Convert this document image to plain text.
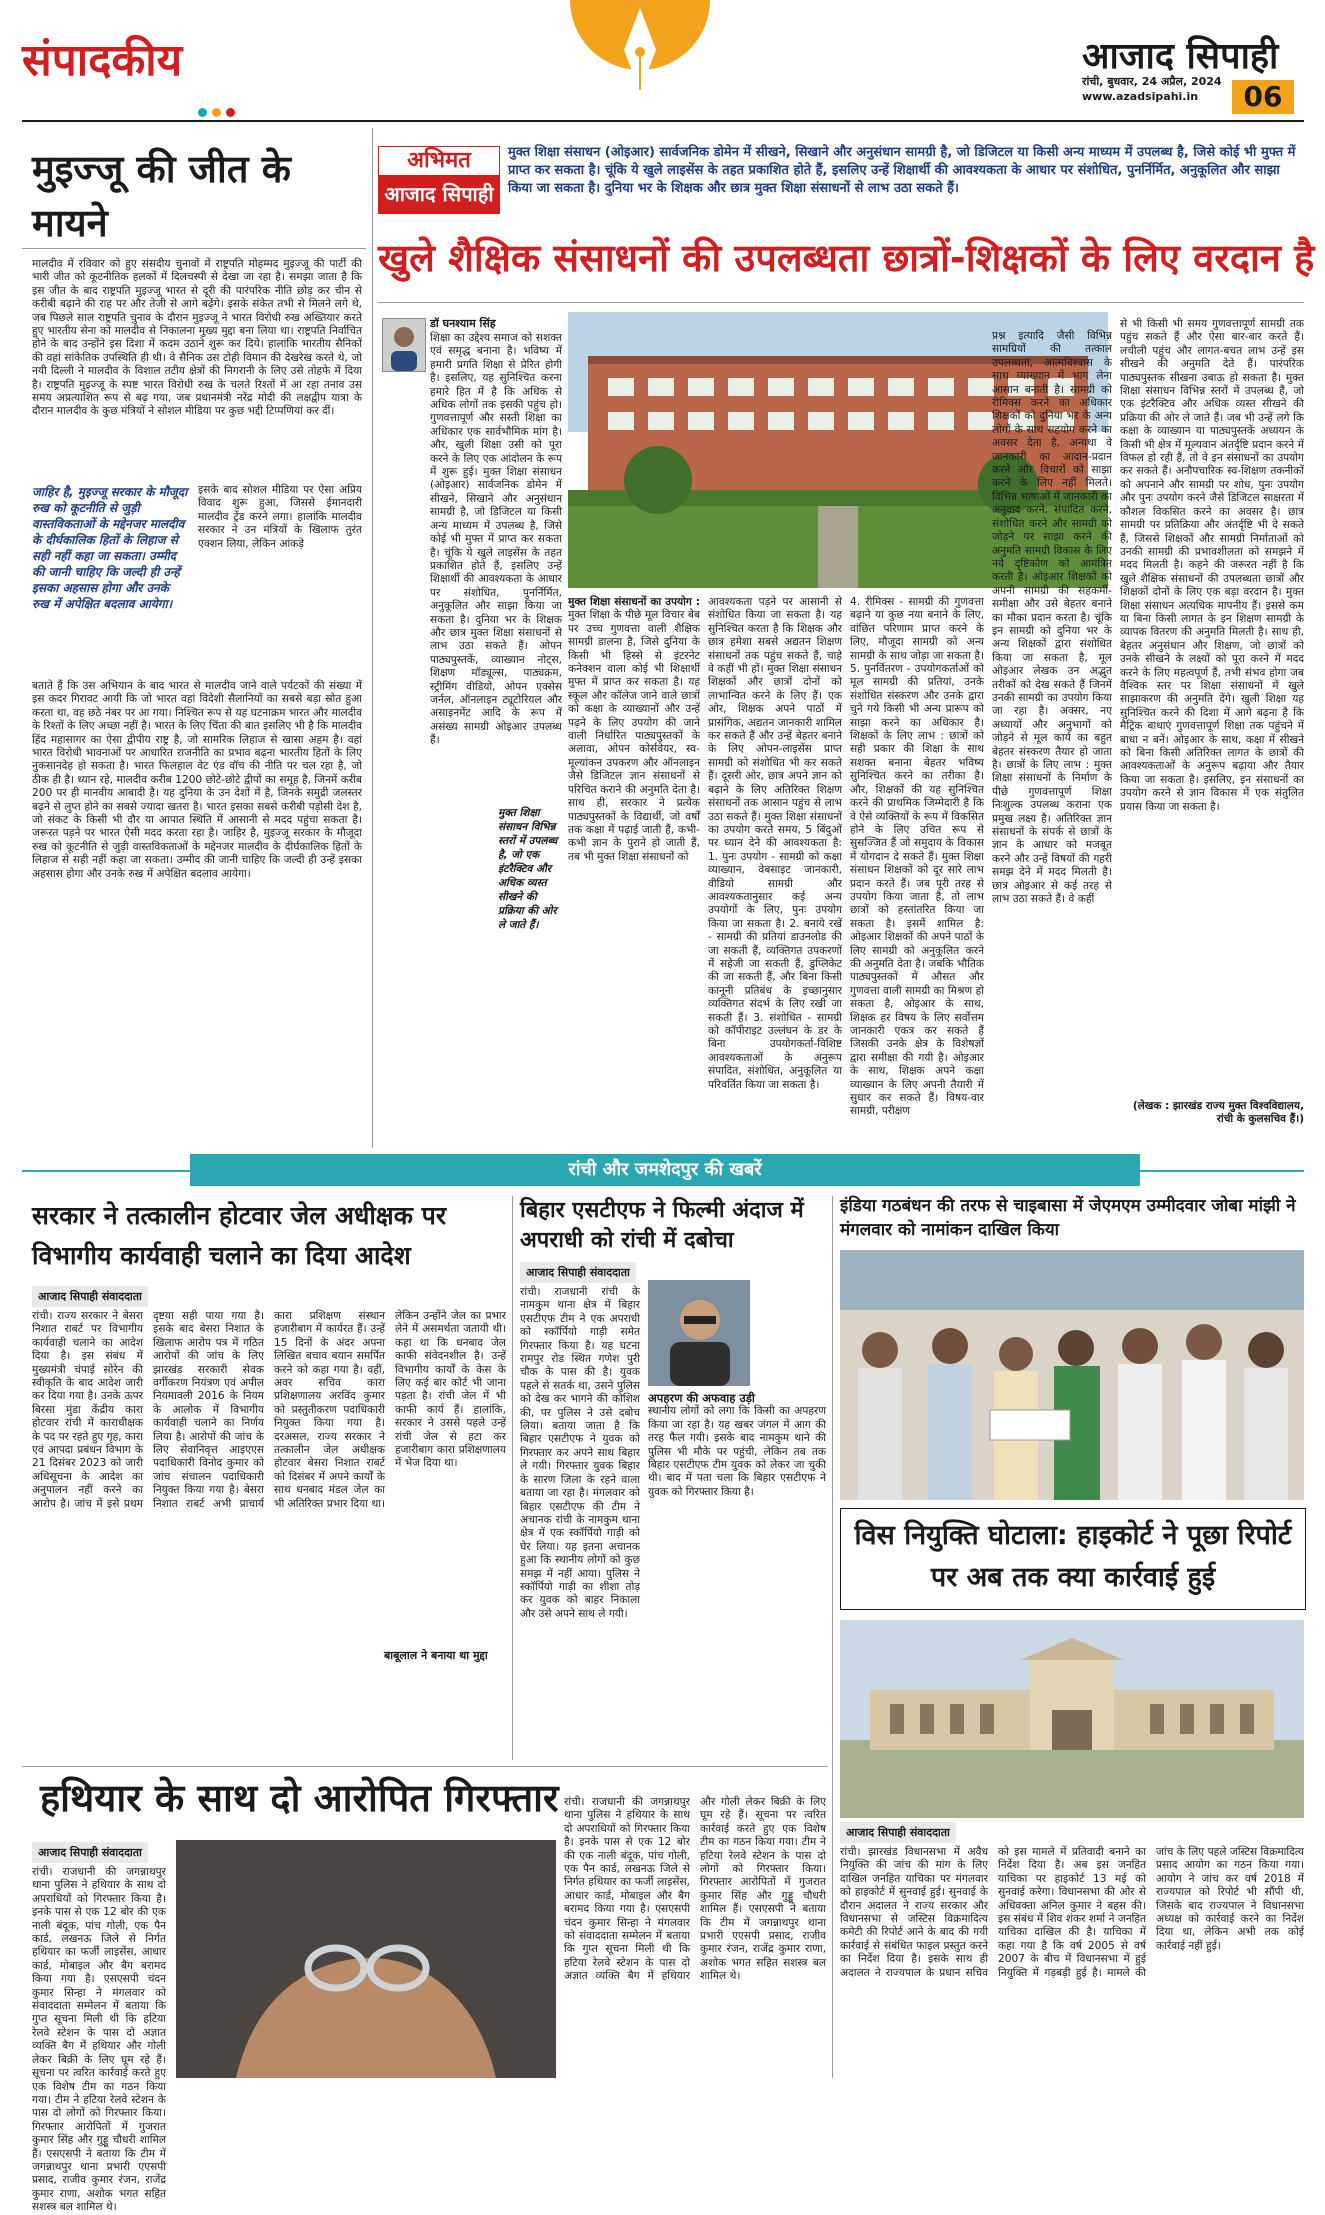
संपादकीय	आजाद सिपाही
रांची, बुधवार, 24 अप्रैल, 2024
www.azadsipahi.in	06
मुइज्जू की जीत के मायने
मालदीव में रविवार को हुए संसदीय चुनावों में राष्ट्रपति मोहम्मद मुइज्जू की पार्टी की भारी जीत को कूटनीतिक हलकों में दिलचस्पी से देखा जा रहा है। समझा जाता है कि इस जीत के बाद राष्ट्रपति मुइज्जू भारत से दूरी की पारंपरिक नीति छोड़ कर चीन से करीबी बढ़ाने की राह पर और तेजी से आगे बढ़ेंगे। इसके संकेत तभी से मिलने लगे थे, जब पिछले साल राष्ट्रपति चुनाव के दौरान मुइज्जू ने भारत विरोधी रुख अख्तियार करते हुए भारतीय सेना को मालदीव से निकालना मुख्य मुद्दा बना लिया था। राष्ट्रपति निर्वाचित होने के बाद उन्होंने इस दिशा में कदम उठाने शुरू कर दिये। हालांकि भारतीय सैनिकों की वहां सांकेतिक उपस्थिति ही थी। वे सैनिक उस टोही विमान की देखरेख करते थे, जो नयी दिल्ली ने मालदीव के विशाल तटीय क्षेत्रों की निगरानी के लिए उसे तोहफे में दिया है। राष्ट्रपति मुइज्जू के स्पष्ट भारत विरोधी रुख के चलते रिश्तों में आ रहा तनाव उस समय अप्रत्याशित रूप से बढ़ गया, जब प्रधानमंत्री नरेंद्र मोदी की लक्षद्वीप यात्रा के दौरान मालदीव के कुछ मंत्रियों ने सोशल मीडिया पर कुछ भद्दी टिप्पणियां कर दीं।
इसके बाद सोशल मीडिया पर ऐसा अप्रिय विवाद शुरू हुआ, जिससे ईमानदारी मालदीव ट्रेंड करने लगा। हालांकि मालदीव सरकार ने उन मंत्रियों के खिलाफ तुरंत एक्शन लिया, लेकिन आंकड़े
जाहिर है, मुइज्जू सरकार के मौजूदा रुख को कूटनीति से जुड़ी वास्तविकताओं के मद्देनजर मालदीव के दीर्घकालिक हितों के लिहाज से सही नहीं कहा जा सकता। उम्मीद की जानी चाहिए कि जल्दी ही उन्हें इसका अहसास होगा और उनके रुख में अपेक्षित बदलाव आयेगा।
बताते हैं कि उस अभियान के बाद भारत से मालदीव जाने वाले पर्यटकों की संख्या में इस कदर गिरावट आयी कि जो भारत वहां विदेशी सैलानियों का सबसे बड़ा स्रोत हुआ करता था, वह छठे नंबर पर आ गया। निश्चित रूप से यह घटनाक्रम भारत और मालदीव के रिश्तों के लिए अच्छा नहीं है। भारत के लिए चिंता की बात इसलिए भी है कि मालदीव हिंद महासागर का ऐसा द्वीपीय राष्ट्र है, जो सामरिक लिहाज से खासा अहम है। वहां भारत विरोधी भावनाओं पर आधारित राजनीति का प्रभाव बढ़ना भारतीय हितों के लिए नुकसानदेह हो सकता है। भारत फिलहाल वेट एंड वॉच की नीति पर चल रहा है, जो ठीक ही है। ध्यान रहे, मालदीव करीब 1200 छोटे-छोटे द्वीपों का समूह है, जिनमें करीब 200 पर ही मानवीय आबादी है। यह दुनिया के उन देशों में है, जिनके समुद्री जलस्तर बढ़ने से लुप्त होने का सबसे ज्यादा खतरा है। भारत इसका सबसे करीबी पड़ोसी देश है, जो संकट के किसी भी दौर या आपात स्थिति में आसानी से मदद पहुंचा सकता है। जरूरत पड़ने पर भारत ऐसी मदद करता रहा है। जाहिर है, मुइज्जू सरकार के मौजूदा रुख को कूटनीति से जुड़ी वास्तविकताओं के मद्देनजर मालदीव के दीर्घकालिक हितों के लिहाज से सही नहीं कहा जा सकता। उम्मीद की जानी चाहिए कि जल्दी ही उन्हें इसका अहसास होगा और उनके रुख में अपेक्षित बदलाव आयेगा।
अभिमत
आजाद सिपाही
मुक्त शिक्षा संसाधन (ओइआर) सार्वजनिक डोमेन में सीखने, सिखाने और अनुसंधान सामग्री है, जो डिजिटल या किसी अन्य माध्यम में उपलब्ध है, जिसे कोई भी मुफ्त में प्राप्त कर सकता है। चूंकि ये खुले लाइसेंस के तहत प्रकाशित होते हैं, इसलिए उन्हें शिक्षार्थी की आवश्यकता के आधार पर संशोधित, पुनर्निर्मित, अनुकूलित और साझा किया जा सकता है। दुनिया भर के शिक्षक और छात्र मुक्त शिक्षा संसाधनों से लाभ उठा सकते हैं।
खुले शैक्षिक संसाधनों की उपलब्धता छात्रों-शिक्षकों के लिए वरदान है
डॉ घनश्याम सिंह
शिक्षा का उद्देश्य समाज को सशक्त एवं समृद्ध बनाना है। भविष्य में हमारी प्रगति शिक्षा से प्रेरित होगी है। इसलिए, यह सुनिश्चित करना हमारे हित में है कि अधिक से अधिक लोगों तक इसकी पहुंच हो। गुणवत्तापूर्ण और सस्ती शिक्षा का अधिकार एक सार्वभौमिक मांग है। और, खुली शिक्षा उसी को पूरा करने के लिए एक आंदोलन के रूप में शुरू हुई। मुक्त शिक्षा संसाधन (ओइआर) सार्वजनिक डोमेन में सीखने, सिखाने और अनुसंधान सामग्री है, जो डिजिटल या किसी अन्य माध्यम में उपलब्ध है, जिसे कोई भी मुफ्त में प्राप्त कर सकता है। चूंकि ये खुले लाइसेंस के तहत प्रकाशित होते हैं, इसलिए उन्हें शिक्षार्थी की आवश्यकता के आधार पर संशोधित, पुनर्निर्मित, अनुकूलित और साझा किया जा सकता है। दुनिया भर के शिक्षक और छात्र मुक्त शिक्षा संसाधनों से लाभ उठा सकते हैं। ओपन पाठ्यपुस्तकें, व्याख्यान नोट्स, शिक्षण मॉड्यूल्स, पाठ्यक्रम, स्ट्रीमिंग वीडियो, ओपन एक्सेस जर्नल, ऑनलाइन ट्यूटोरियल और असाइनमेंट आदि के रूप में असंख्य सामग्री ओइआर उपलब्ध हैं।
मुक्त शिक्षा संसाधन विभिन्न स्तरों में उपलब्ध है, जो एक इंटरैक्टिव और अधिक व्यस्त सीखने की प्रक्रिया की ओर ले जाते हैं।
मुक्त शिक्षा संसाधनों का उपयोग : मुक्त शिक्षा के पीछे मूल विचार बेब पर उच्च गुणवत्ता वाली शैक्षिक सामग्री डालना है, जिसे दुनिया के किसी भी हिस्से से इंटरनेट कनेक्शन वाला कोई भी शिक्षार्थी मुफ्त में प्राप्त कर सकता है। यह स्कूल और कॉलेज जाने वाले छात्रों को कक्षा के व्याख्यानों और उन्हें पढ़ने के लिए उपयोग की जाने वाली निर्धारित पाठ्यपुस्तकों के अलावा, ओपन कोर्सवेयर, स्व-मूल्यांकन उपकरण और ऑनलाइन जैसे डिजिटल ज्ञान संसाधनों से परिचित कराने की अनुमति देता है। साथ ही, सरकार ने प्रत्येक पाठ्यपुस्तकों के विद्यार्थी, जो वर्षों तक कक्षा में पढ़ाई जाती हैं, कभी-कभी ज्ञान के पुराने हो जाती हैं, तब भी मुक्त शिक्षा संसाधनों को
आवश्यकता पड़ने पर आसानी से संशोधित किया जा सकता है। यह सुनिश्चित करता है कि शिक्षक और छात्र हमेशा सबसे अद्यतन शिक्षण संसाधनों तक पहुंच सकते हैं, चाहे वे कहीं भी हों। मुक्त शिक्षा संसाधन शिक्षकों और छात्रों दोनों को लाभान्वित करने के लिए हैं। एक ओर, शिक्षक अपने पाठों में प्रासंगिक, अद्यतन जानकारी शामिल कर सकते हैं और उन्हें बेहतर बनाने के लिए ओपन-लाइसेंस प्राप्त सामग्री को संशोधित भी कर सकते हैं। दूसरी ओर, छात्र अपने ज्ञान को बढ़ाने के लिए अतिरिक्त शिक्षण संसाधनों तक आसान पहुंच से लाभ उठा सकते हैं। मुक्त शिक्षा संसाधनों का उपयोग करते समय, 5 बिंदुओं पर ध्यान देने की आवश्यकता है: 1. पुनः उपयोग - सामग्री को कक्षा व्याख्यान, वेबसाइट जानकारी, वीडियो सामग्री और आवश्यकतानुसार कई अन्य उपयोगों के लिए, पुनः उपयोग किया जा सकता है। 2. बनाये रखें - सामग्री की प्रतियां डाउनलोड की जा सकती हैं, व्यक्तिगत उपकरणों में सहेजी जा सकती हैं, डुप्लिकेट की जा सकती हैं, और बिना किसी कानूनी प्रतिबंध के इच्छानुसार व्यक्तिगत संदर्भ के लिए रखी जा सकती हैं। 3. संशोधित - सामग्री को कॉपीराइट उल्लंघन के डर के बिना उपयोगकर्ता-विशिष्ट आवश्यकताओं के अनुरूप संपादित, संशोधित, अनुकूलित या परिवर्तित किया जा सकता है।
4. रीमिक्स - सामग्री की गुणवत्ता बढ़ाने या कुछ नया बनाने के लिए, वांछित परिणाम प्राप्त करने के लिए, मौजूदा सामग्री को अन्य सामग्री के साथ जोड़ा जा सकता है। 5. पुनर्वितरण - उपयोगकर्ताओं को मूल सामग्री की प्रतियां, उनके संशोधित संस्करण और उनके द्वारा चुने गये किसी भी अन्य प्रारूप को साझा करने का अधिकार है। शिक्षकों के लिए लाभ : छात्रों को सही प्रकार की शिक्षा के साथ सशक्त बनाना बेहतर भविष्य सुनिश्चित करने का तरीका है। और, शिक्षकों की यह सुनिश्चित करने की प्राथमिक जिम्मेदारी है कि वे ऐसे व्यक्तियों के रूप में विकसित होने के लिए उचित रूप से सुसज्जित हैं जो समुदाय के विकास में योगदान दे सकते हैं। मुक्त शिक्षा संसाधन शिक्षकों को दूर सारे लाभ प्रदान करते हैं। जब पूरी तरह से उपयोग किया जाता है, तो लाभ छात्रों को हस्तांतरित किया जा सकता है। इसमें शामिल है: ओइआर शिक्षकों की अपने पाठों के लिए सामग्री को अनुकूलित करने की अनुमति देता है। जबकि भौतिक पाठ्यपुस्तकों में औसत और गुणवत्ता वाली सामग्री का मिश्रण हो सकता है, ओइआर के साथ, शिक्षक हर विषय के लिए सर्वोत्तम जानकारी एकत्र कर सकते हैं जिसकी उनके क्षेत्र के विशेषज्ञों द्वारा समीक्षा की गयी है। ओइआर के साथ, शिक्षक अपने कक्षा व्याख्यान के लिए अपनी तैयारी में सुधार कर सकते हैं। विषय-वार सामग्री, परीक्षण
प्रश्न इत्यादि जैसी विभिन्न सामग्रियों की तत्काल उपलब्धता, आत्मविश्वास के साथ व्याख्यान में भाग लेना आसान बनाती है। सामग्री को रीमिक्स करने का अधिकार शिक्षकों को दुनिया भर के अन्य लोगों के साथ सहयोग करने का अवसर देता है, अन्यथा वे जानकारी का आदान-प्रदान करने और विचारों को साझा करने के लिए नहीं मिलते। विभिन्न भाषाओं में जानकारी का अनुवाद करने, संपादित करने, संशोधित करने और सामग्री को जोड़ने पर साझा करने की अनुमति सामग्री विकास के लिए नये दृष्टिकोण को आमंत्रित करती है। ओइआर शिक्षकों को अपनी सामग्री की सहकर्मी-समीक्षा और उसे बेहतर बनाने का मौका प्रदान करता है। चूंकि इन सामग्री को दुनिया भर के अन्य शिक्षकों द्वारा संशोधित किया जा सकता है, मूल ओइआर लेखक उन अद्भुत तरीकों को देख सकते हैं जिनमें उनकी सामग्री का उपयोग किया जा रहा है। अक्सर, नए अध्यायों और अनुभागों को जोड़ने से मूल कार्य का बहुत बेहतर संस्करण तैयार हो जाता है। छात्रों के लिए लाभ : मुक्त शिक्षा संसाधनों के निर्माण के पीछे गुणवत्तापूर्ण शिक्षा निःशुल्क उपलब्ध कराना एक प्रमुख लक्ष्य है। अतिरिक्त ज्ञान संसाधनों के संपर्क से छात्रों के ज्ञान के आधार को मजबूत करने और उन्हें विषयों की गहरी समझ देने में मदद मिलती है। छात्र ओइआर से कई तरह से लाभ उठा सकते हैं। वे कहीं
से भी किसी भी समय गुणवत्तापूर्ण सामग्री तक पहुंच सकते हैं और ऐसा बार-बार करते हैं। लचीली पहुंच और लागत-बचत लाभ उन्हें इस सीखने की अनुमति देते हैं। पारंपरिक पाठ्यपुस्तक सीखना उबाऊ हो सकता है। मुक्त शिक्षा संसाधन विभिन्न स्तरों में उपलब्ध हैं, जो एक इंटरैक्टिव और अधिक व्यस्त सीखने की प्रक्रिया की ओर ले जाते हैं। जब भी उन्हें लगे कि कक्षा के व्याख्यान या पाठ्यपुस्तकें अध्ययन के किसी भी क्षेत्र में मूल्यवान अंतर्दृष्टि प्रदान करने में विफल हो रही हैं, तो वे इन संसाधनों का उपयोग कर सकते हैं। अनौपचारिक स्व-शिक्षण तकनीकों को अपनाने और सामग्री पर शोध, पुनः उपयोग और पुनः उपयोग करने जैसे डिजिटल साक्षरता में कौशल विकसित करने का अवसर है। छात्र सामग्री पर प्रतिक्रिया और अंतर्दृष्टि भी दे सकते हैं, जिससे शिक्षकों और सामग्री निर्माताओं को उनकी सामग्री की प्रभावशीलता को समझने में मदद मिलती है। कहने की जरूरत नहीं है कि खुले शैक्षिक संसाधनों की उपलब्धता छात्रों और शिक्षकों दोनों के लिए एक बड़ा वरदान है। मुक्त शिक्षा संसाधन अत्यधिक मापनीय हैं। इससे कम या बिना किसी लागत के इन शिक्षण सामग्री के व्यापक वितरण की अनुमति मिलती है। साथ ही, बेहतर अनुसंधान और शिक्षण, जो छात्रों को उनके सीखने के लक्ष्यों को पूरा करने में मदद करने के लिए महत्वपूर्ण हैं, तभी संभव होगा जब वैश्विक स्तर पर शिक्षा संसाधनों में खुले साझाकरण की अनुमति देंगे। खुली शिक्षा यह सुनिश्चित करने की दिशा में आगे बढ़ना है कि मैट्रिक बाधाएं गुणवत्तापूर्ण शिक्षा तक पहुंचने में बाधा न बनें। ओइआर के साथ, कक्षा में सीखने को बिना किसी अतिरिक्त लागत के छात्रों की आवश्यकताओं के अनुरूप बढ़ाया और तैयार किया जा सकता है। इसलिए, इन संसाधनों का उपयोग करने से ज्ञान विकास में एक संतुलित प्रयास किया जा सकता है।
(लेखक : झारखंड राज्य मुक्त विश्वविद्यालय, रांची के कुलसचिव हैं।)
रांची और जमशेदपुर की खबरें
सरकार ने तत्कालीन होटवार जेल अधीक्षक पर विभागीय कार्यवाही चलाने का दिया आदेश
आजाद सिपाही संवाददाता
रांची। राज्य सरकार ने बेसरा निशात राबर्ट पर विभागीय कार्यवाही चलाने का आदेश दिया है। इस संबंध में मुख्यमंत्री चंपाई सोरेन की स्वीकृति के बाद आदेश जारी कर दिया गया है। उनके ऊपर बिरसा मुंडा केंद्रीय कारा होटवार रांची में काराधीक्षक के पद पर रहते हुए गृह, कारा एवं आपदा प्रबंधन विभाग के 21 दिसंबर 2023 को जारी अधिसूचना के आदेश का अनुपालन नहीं करने का आरोप है। जांच में इसे प्रथम दृष्टया सही पाया गया है। इसके बाद बेसरा निशात के खिलाफ आरोप पत्र में गठित आरोपों की जांच के लिए झारखंड सरकारी सेवक वर्गीकरण नियंत्रण एवं अपील नियमावली 2016 के नियम के आलोक में विभागीय कार्यवाही चलाने का निर्णय लिया है। आरोपों की जांच के लिए सेवानिवृत्त आइएएस पदाधिकारी विनोद कुमार को जांच संचालन पदाधिकारी नियुक्त किया गया है। बेसरा निशात राबर्ट अभी प्राचार्य कारा प्रशिक्षण संस्थान हजारीबाग में कार्यरत हैं। उन्हें 15 दिनों के अंदर अपना लिखित बचाव बयान समर्पित करने को कहा गया है। वहीं, अवर सचिव कारा प्रशिक्षणालय अरविंद कुमार को प्रस्तुतीकरण पदाधिकारी नियुक्त किया गया है। दरअसल, राज्य सरकार ने तत्कालीन जेल अधीक्षक होटवार बेसरा निशात राबर्ट को दिसंबर में अपने कार्यों के साथ धनबाद मंडल जेल का भी अतिरिक्त प्रभार दिया था। लेकिन उन्होंने जेल का प्रभार लेने में असमर्थता जतायी थी। कहा था कि धनबाद जेल काफी संवेदनशील है। उन्हें विभागीय कार्यों के केस के लिए कई बार कोर्ट भी जाना पड़ता है। रांची जेल में भी काफी कार्य हैं। हालांकि, सरकार ने उससे पहले उन्हें रांची जेल से हटा कर हजारीबाग कारा प्रशिक्षणालय में भेज दिया था।
बाबूलाल ने बनाया था मुद्दा
बिहार एसटीएफ ने फिल्मी अंदाज में अपराधी को रांची में दबोचा
आजाद सिपाही संवाददाता
रांची। राजधानी रांची के नामकुम थाना क्षेत्र में बिहार एसटीएफ टीम ने एक अपराधी को स्कॉर्पियो गाड़ी समेत गिरफ्तार किया है। यह घटना रामपुर रोड स्थित गणेश पुरी चौक के पास की है। युवक पहले से सतर्क था, उसने पुलिस को देख कर भागने की कोशिश की, पर पुलिस ने उसे दबोच लिया। बताया जाता है कि बिहार एसटीएफ ने युवक को गिरफ्तार कर अपने साथ बिहार ले गयी। गिरफ्तार युवक बिहार के सारण जिला के रहने वाला बताया जा रहा है। मंगलवार को बिहार एसटीएफ की टीम ने अचानक रांची के नामकुम थाना क्षेत्र में एक स्कॉर्पियो गाड़ी को घेर लिया। यह इतना अचानक हुआ कि स्थानीय लोगों को कुछ समझ में नहीं आया। पुलिस ने स्कॉर्पियो गाड़ी का शीशा तोड़ कर युवक को बाहर निकाला और उसे अपने साथ ले गयी।
अपहरण की अफवाह उड़ी
स्थानीय लोगों को लगा कि किसी का अपहरण किया जा रहा है। यह खबर जंगल में आग की तरह फैल गयी। इसके बाद नामकुम थाने की पुलिस भी मौके पर पहुंची, लेकिन तब तक बिहार एसटीएफ टीम युवक को लेकर जा चुकी थी। बाद में पता चला कि बिहार एसटीएफ ने युवक को गिरफ्तार किया है।
इंडिया गठबंधन की तरफ से चाइबासा में जेएमएम उम्मीदवार जोबा मांझी ने मंगलवार को नामांकन दाखिल किया
विस नियुक्ति घोटाला: हाइकोर्ट ने पूछा रिपोर्ट पर अब तक क्या कार्रवाई हुई
हथियार के साथ दो आरोपित गिरफ्तार
आजाद सिपाही संवाददाता
रांची। राजधानी की जगन्नाथपुर थाना पुलिस ने हथियार के साथ दो अपराधियों को गिरफ्तार किया है। इनके पास से एक 12 बोर की एक नाली बंदूक, पांच गोली, एक पैन कार्ड, लखनऊ जिले से निर्गत हथियार का फर्जी लाइसेंस, आधार कार्ड, मोबाइल और बैग बरामद किया गया है। एसएसपी चंदन कुमार सिन्हा ने मंगलवार को संवाददाता सम्मेलन में बताया कि गुप्त सूचना मिली थी कि हटिया रेलवे स्टेशन के पास दो अज्ञात व्यक्ति बैग में हथियार और गोली लेकर बिक्री के लिए घूम रहे हैं। सूचना पर त्वरित कार्रवाई करते हुए एक विशेष टीम का गठन किया गया। टीम ने हटिया रेलवे स्टेशन के पास दो लोगों को गिरफ्तार किया। गिरफ्तार आरोपितों में गुजरात कुमार सिंह और गुड्डू चौधरी शामिल हैं। एसएसपी ने बताया कि टीम में जगन्नाथपुर थाना प्रभारी एएसपी प्रसाद, राजीव कुमार रंजन, राजेंद्र कुमार राणा, अशोक भगत सहित सशस्त्र बल शामिल थे।
रांची। राजधानी की जगन्नाथपुर थाना पुलिस ने हथियार के साथ दो अपराधियों को गिरफ्तार किया है। इनके पास से एक 12 बोर की एक नाली बंदूक, पांच गोली, एक पैन कार्ड, लखनऊ जिले से निर्गत हथियार का फर्जी लाइसेंस, आधार कार्ड, मोबाइल और बैग बरामद किया गया है। एसएसपी चंदन कुमार सिन्हा ने मंगलवार को संवाददाता सम्मेलन में बताया कि गुप्त सूचना मिली थी कि हटिया रेलवे स्टेशन के पास दो अज्ञात व्यक्ति बैग में हथियार और गोली लेकर बिक्री के लिए घूम रहे हैं। सूचना पर त्वरित कार्रवाई करते हुए एक विशेष टीम का गठन किया गया। टीम ने हटिया रेलवे स्टेशन के पास दो लोगों को गिरफ्तार किया। गिरफ्तार आरोपितों में गुजरात कुमार सिंह और गुड्डू चौधरी शामिल हैं। एसएसपी ने बताया कि टीम में जगन्नाथपुर थाना प्रभारी एएसपी प्रसाद, राजीव कुमार रंजन, राजेंद्र कुमार राणा, अशोक भगत सहित सशस्त्र बल शामिल थे।
आजाद सिपाही संवाददाता
रांची। झारखंड विधानसभा में अवैध नियुक्ति की जांच की मांग के लिए दाखिल जनहित याचिका पर मंगलवार को हाइकोर्ट में सुनवाई हुई। सुनवाई के दौरान अदालत ने राज्य सरकार और विधानसभा से जस्टिस विक्रमादित्य कमेटी की रिपोर्ट आने के बाद की गयी कार्रवाई से संबंधित फाइल प्रस्तुत करने का निर्देश दिया है। इसके साथ ही अदालत ने राज्यपाल के प्रधान सचिव को इस मामले में प्रतिवादी बनाने का निर्देश दिया है। अब इस जनहित याचिका पर हाइकोर्ट 13 मई को सुनवाई करेगा। विधानसभा की ओर से अधिवक्ता अनिल कुमार ने बहस की। इस संबंध में शिव शंकर शर्मा ने जनहित याचिका दाखिल की है। याचिका में कहा गया है कि वर्ष 2005 से वर्ष 2007 के बीच में विधानसभा में हुई नियुक्ति में गड़बड़ी हुई है। मामले की जांच के लिए पहले जस्टिस विक्रमादित्य प्रसाद आयोग का गठन किया गया। आयोग ने जांच कर वर्ष 2018 में राज्यपाल को रिपोर्ट भी सौंपी थी, जिसके बाद राज्यपाल ने विधानसभा अध्यक्ष को कार्रवाई करने का निर्देश दिया था, लेकिन अभी तक कोई कार्रवाई नहीं हुई।
